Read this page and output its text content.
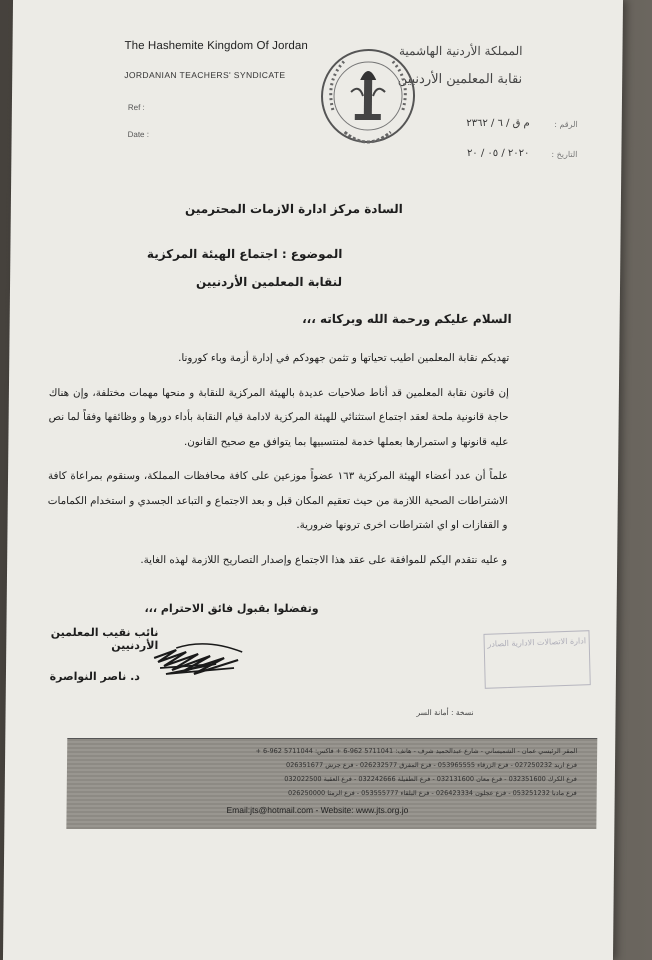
The Hashemite Kingdom Of Jordan
JORDANIAN TEACHERS' SYNDICATE
Ref :
Date :
المملكة الأردنية الهاشمية
نقابة المعلمين الأردنيين
الرقم :
التاريخ :
م ق / ٦ / ٢٣٦٢
٢٠٢٠ / ٠٥ / ٢٠
السادة مركز ادارة الازمات المحترمين
الموضوع : اجتماع الهيئة المركزية
لنقابة المعلمين الأردنيين
السلام عليكم ورحمة الله وبركاته ،،،

تهديكم نقابة المعلمين اطيب تحياتها و تثمن جهودكم في إدارة أزمة وباء كورونا.

إن قانون نقابة المعلمين قد أناط صلاحيات عديدة بالهيئة المركزية للنقابة و منحها مهمات مختلفة، وإن هناك حاجة قانونية ملحة لعقد اجتماع استثنائي للهيئة المركزية لادامة قيام النقابة بأداء دورها و وظائفها وفقاً لما نص عليه قانونها و استمرارها بعملها خدمة لمنتسبيها بما يتوافق مع صحيح القانون.

علماً أن عدد أعضاء الهيئة المركزية ١٦٣ عضواً موزعين على كافة محافظات المملكة، وسنقوم بمراعاة كافة الاشتراطات الصحية اللازمة من حيث تعقيم المكان قبل و بعد الاجتماع و التباعد الجسدي و استخدام الكمامات و القفازات او اي اشتراطات اخرى ترونها ضرورية.

و عليه نتقدم اليكم للموافقة على عقد هذا الاجتماع وإصدار التصاريح اللازمة لهذه الغاية.

وتفضلوا بقبول فائق الاحترام ،،،
نائب نقيب المعلمين الأردنيين
د. ناصر النواصرة
ادارة الاتصالات الادارية الصادر
نسخة : أمانة السر
المقر الرئيسي عمان - الشميساني - شارع عبدالحميد شرف - هاتف: 5711041 962-6 + فاكس: 5711044 962-6 +
فرع اربد 027250232 - فرع الزرقاء 053965555 - فرع المفرق 026232577 - فرع جرش 026351677
فرع الكرك 032351600 - فرع معان 032131600 - فرع الطفيلة 032242666 - فرع العقبة 032022500
فرع مادبا 053251232 - فرع عجلون 026423334 - فرع البلقاء 053555777 - فرع الرمثا 026250000
Email:jts@hotmail.com - Website: www.jts.org.jo
